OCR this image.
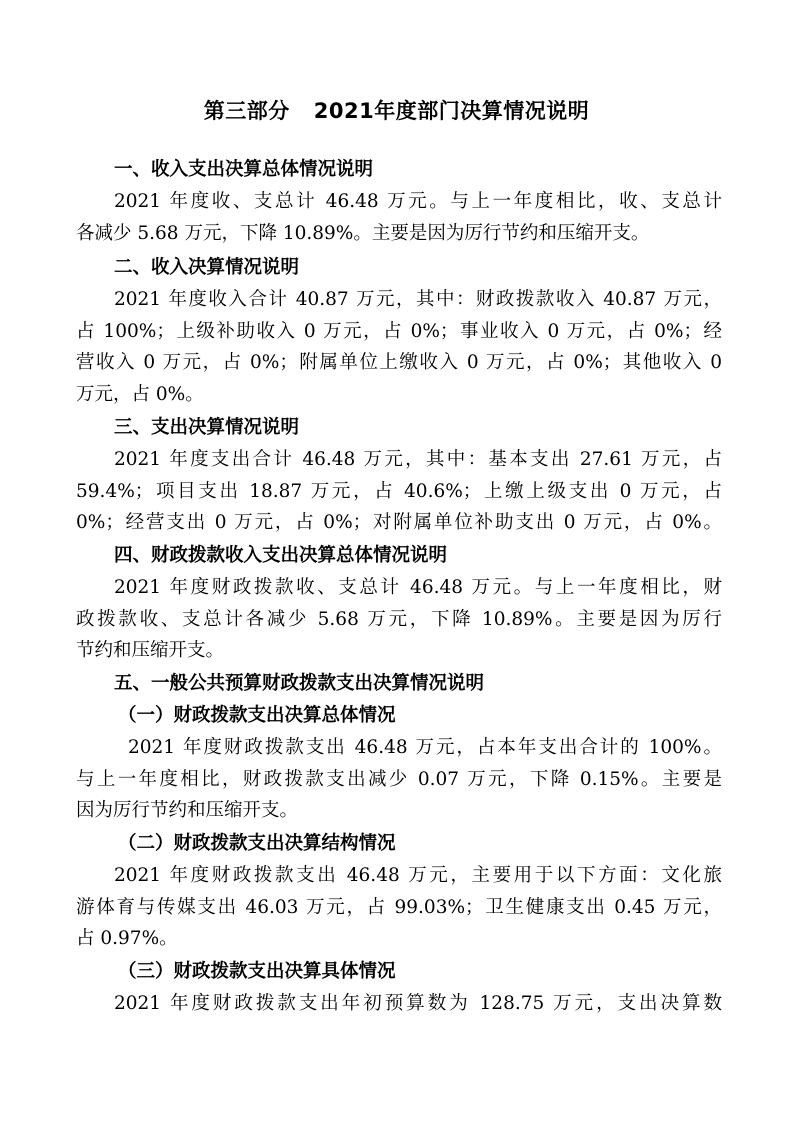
第三部分 2021年度部门决算情况说明
一、收入支出决算总体情况说明
2021 年度收、支总计 46.48 万元。与上一年度相比，收、支总计
各减少 5.68 万元，下降 10.89%。主要是因为厉行节约和压缩开支。
二、收入决算情况说明
2021 年度收入合计 40.87 万元，其中：财政拨款收入 40.87 万元，
占 100%；上级补助收入 0 万元，占 0%；事业收入 0 万元，占 0%；经
营收入 0 万元，占 0%；附属单位上缴收入 0 万元，占 0%；其他收入 0
万元，占 0%。
三、支出决算情况说明
2021 年度支出合计 46.48 万元，其中：基本支出 27.61 万元，占
59.4%；项目支出 18.87 万元，占 40.6%；上缴上级支出 0 万元，占
0%；经营支出 0 万元，占 0%；对附属单位补助支出 0 万元，占 0%。
四、财政拨款收入支出决算总体情况说明
2021 年度财政拨款收、支总计 46.48 万元。与上一年度相比，财
政拨款收、支总计各减少 5.68 万元，下降 10.89%。主要是因为厉行
节约和压缩开支。
五、一般公共预算财政拨款支出决算情况说明
（一）财政拨款支出决算总体情况
2021 年度财政拨款支出 46.48 万元，占本年支出合计的 100%。
与上一年度相比，财政拨款支出减少 0.07 万元，下降 0.15%。主要是
因为厉行节约和压缩开支。
（二）财政拨款支出决算结构情况
2021 年度财政拨款支出 46.48 万元，主要用于以下方面：文化旅
游体育与传媒支出 46.03 万元，占 99.03%；卫生健康支出 0.45 万元，
占 0.97%。
（三）财政拨款支出决算具体情况
2021 年度财政拨款支出年初预算数为 128.75 万元，支出决算数
